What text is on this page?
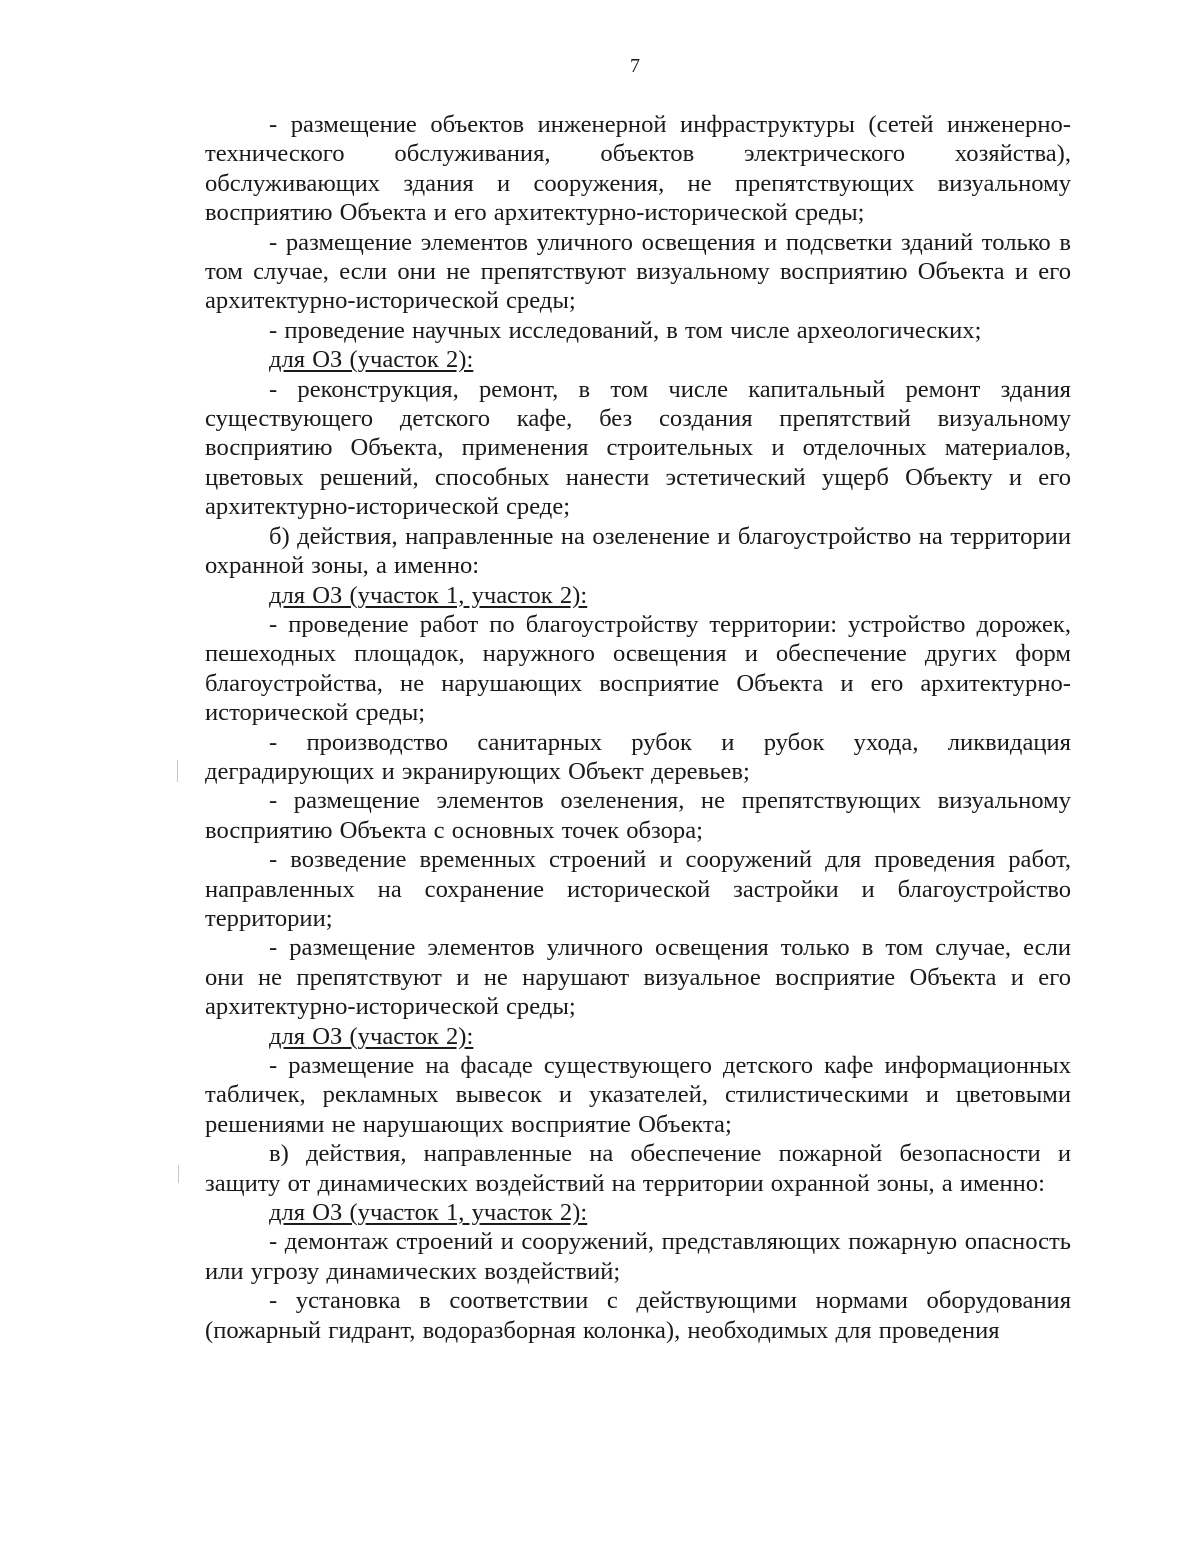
7

- размещение объектов инженерной инфраструктуры (сетей инженерно-технического обслуживания, объектов электрического хозяйства), обслуживающих здания и сооружения, не препятствующих визуальному восприятию Объекта и его архитектурно-исторической среды;

- размещение элементов уличного освещения и подсветки зданий только в том случае, если они не препятствуют визуальному восприятию Объекта и его архитектурно-исторической среды;

- проведение научных исследований, в том числе археологических;

для ОЗ (участок 2):

- реконструкция, ремонт, в том числе капитальный ремонт здания существующего детского кафе, без создания препятствий визуальному восприятию Объекта, применения строительных и отделочных материалов, цветовых решений, способных нанести эстетический ущерб Объекту и его архитектурно-исторической среде;

б) действия, направленные на озеленение и благоустройство на территории охранной зоны, а именно:

для ОЗ (участок 1, участок 2):

- проведение работ по благоустройству территории: устройство дорожек, пешеходных площадок, наружного освещения и обеспечение других форм благоустройства, не нарушающих восприятие Объекта и его архитектурно-исторической среды;

- производство санитарных рубок и рубок ухода, ликвидация деградирующих и экранирующих Объект деревьев;

- размещение элементов озеленения, не препятствующих визуальному восприятию Объекта с основных точек обзора;

- возведение временных строений и сооружений для проведения работ, направленных на сохранение исторической застройки и благоустройство территории;

- размещение элементов уличного освещения только в том случае, если они не препятствуют и не нарушают визуальное восприятие Объекта и его архитектурно-исторической среды;

для ОЗ (участок 2):

- размещение на фасаде существующего детского кафе информационных табличек, рекламных вывесок и указателей, стилистическими и цветовыми решениями не нарушающих восприятие Объекта;

в) действия, направленные на обеспечение пожарной безопасности и защиту от динамических воздействий на территории охранной зоны, а именно:

для ОЗ (участок 1, участок 2):

- демонтаж строений и сооружений, представляющих пожарную опасность или угрозу динамических воздействий;

- установка в соответствии с действующими нормами оборудования (пожарный гидрант, водоразборная колонка), необходимых для проведения
